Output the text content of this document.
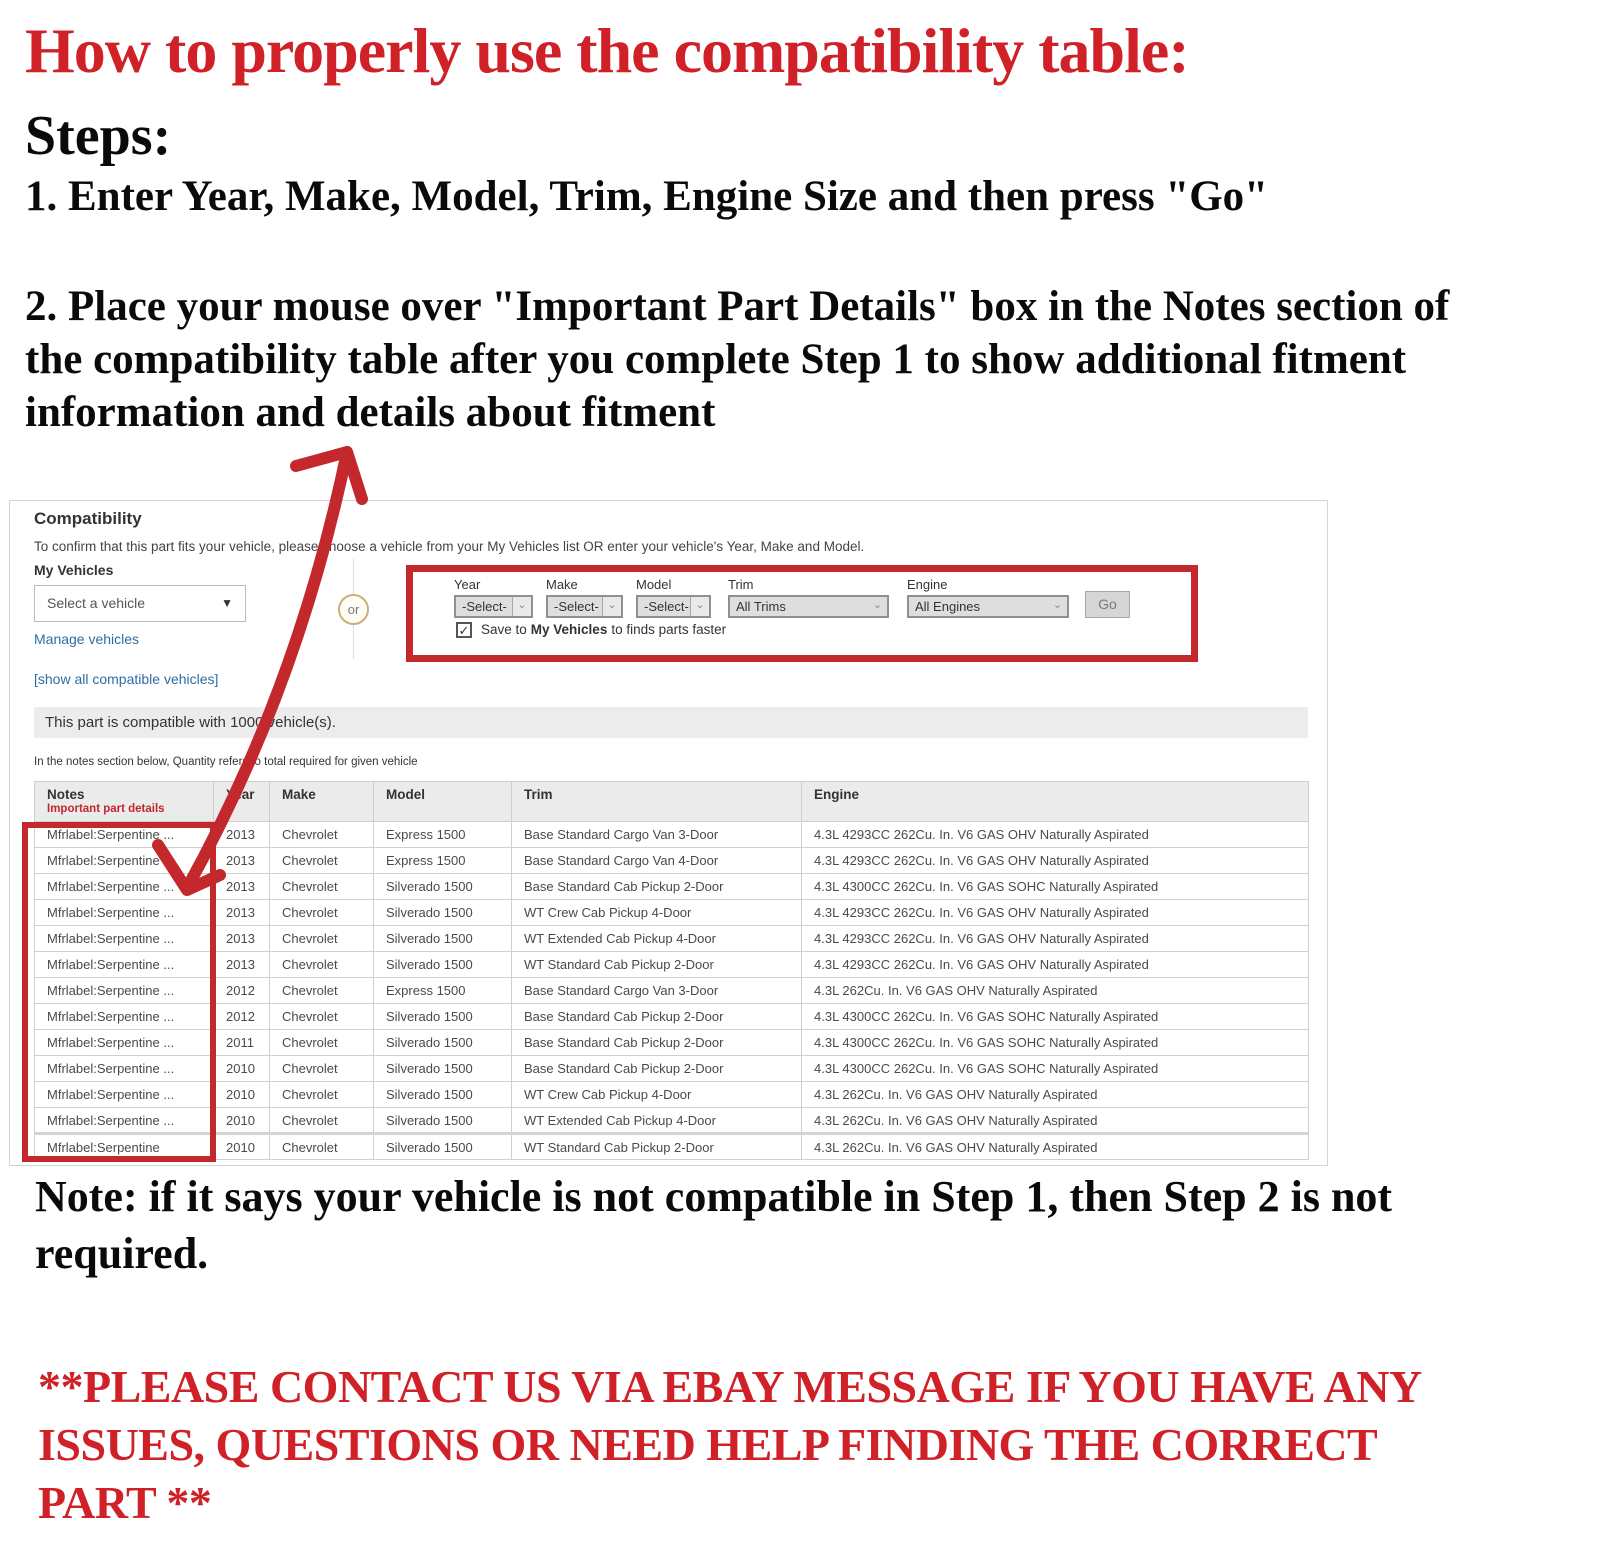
How to properly use the compatibility table:
Steps:
1. Enter Year, Make, Model, Trim, Engine Size and then press "Go"
2. Place your mouse over "Important Part Details" box in the Notes section of the compatibility table after you complete Step 1 to show additional fitment information and details about fitment
Compatibility
To confirm that this part fits your vehicle, please choose a vehicle from your My Vehicles list OR enter your vehicle's Year, Make and Model.
My Vehicles
Select a vehicle	▼
Manage vehicles
[show all compatible vehicles]
or
Year
-Select- ⌄
Make
-Select- ⌄
Model
-Select- ⌄
Trim
All Trims	⌄
Engine
All Engines	⌄	Go
✓ Save to My Vehicles to finds parts faster
This part is compatible with 1000 vehicle(s).
In the notes section below, Quantity refers to total required for given vehicle
Notes
Important part details	Year	Make	Model	Trim	Engine
Mfrlabel:Serpentine ...	2013	Chevrolet	Express 1500	Base Standard Cargo Van 3-Door	4.3L 4293CC 262Cu. In. V6 GAS OHV Naturally Aspirated
Mfrlabel:Serpentine ...	2013	Chevrolet	Express 1500	Base Standard Cargo Van 4-Door	4.3L 4293CC 262Cu. In. V6 GAS OHV Naturally Aspirated
Mfrlabel:Serpentine ...	2013	Chevrolet	Silverado 1500	Base Standard Cab Pickup 2-Door	4.3L 4300CC 262Cu. In. V6 GAS SOHC Naturally Aspirated
Mfrlabel:Serpentine ...	2013	Chevrolet	Silverado 1500	WT Crew Cab Pickup 4-Door	4.3L 4293CC 262Cu. In. V6 GAS OHV Naturally Aspirated
Mfrlabel:Serpentine ...	2013	Chevrolet	Silverado 1500	WT Extended Cab Pickup 4-Door	4.3L 4293CC 262Cu. In. V6 GAS OHV Naturally Aspirated
Mfrlabel:Serpentine ...	2013	Chevrolet	Silverado 1500	WT Standard Cab Pickup 2-Door	4.3L 4293CC 262Cu. In. V6 GAS OHV Naturally Aspirated
Mfrlabel:Serpentine ...	2012	Chevrolet	Express 1500	Base Standard Cargo Van 3-Door	4.3L 262Cu. In. V6 GAS OHV Naturally Aspirated
Mfrlabel:Serpentine ...	2012	Chevrolet	Silverado 1500	Base Standard Cab Pickup 2-Door	4.3L 4300CC 262Cu. In. V6 GAS SOHC Naturally Aspirated
Mfrlabel:Serpentine ...	2011	Chevrolet	Silverado 1500	Base Standard Cab Pickup 2-Door	4.3L 4300CC 262Cu. In. V6 GAS SOHC Naturally Aspirated
Mfrlabel:Serpentine ...	2010	Chevrolet	Silverado 1500	Base Standard Cab Pickup 2-Door	4.3L 4300CC 262Cu. In. V6 GAS SOHC Naturally Aspirated
Mfrlabel:Serpentine ...	2010	Chevrolet	Silverado 1500	WT Crew Cab Pickup 4-Door	4.3L 262Cu. In. V6 GAS OHV Naturally Aspirated
Mfrlabel:Serpentine ...	2010	Chevrolet	Silverado 1500	WT Extended Cab Pickup 4-Door	4.3L 262Cu. In. V6 GAS OHV Naturally Aspirated
Mfrlabel:Serpentine	2010	Chevrolet	Silverado 1500	WT Standard Cab Pickup 2-Door	4.3L 262Cu. In. V6 GAS OHV Naturally Aspirated
Note: if it says your vehicle is not compatible in Step 1, then Step 2 is not required.
**PLEASE CONTACT US VIA EBAY MESSAGE IF YOU HAVE ANY ISSUES, QUESTIONS OR NEED HELP FINDING THE CORRECT PART **
